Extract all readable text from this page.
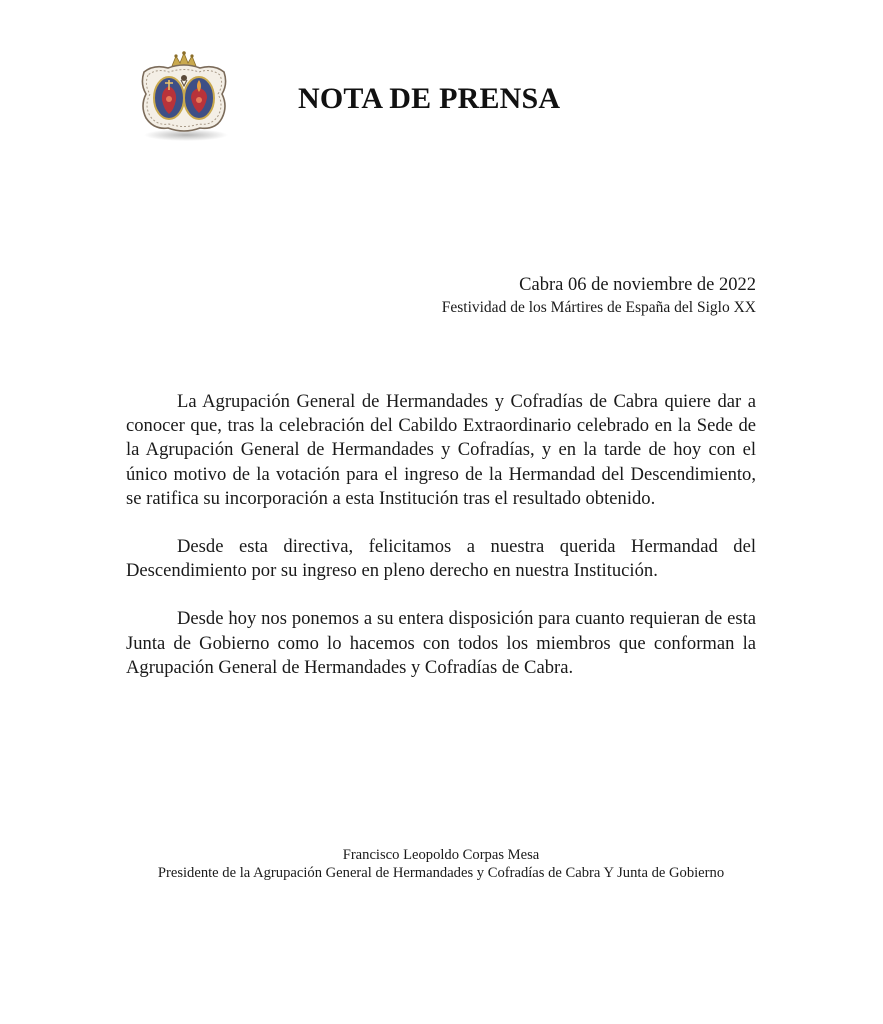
NOTA DE PRENSA
Cabra 06 de noviembre de 2022
Festividad de los Mártires de España del Siglo XX

La Agrupación General de Hermandades y Cofradías de Cabra quiere dar a conocer que, tras la celebración del Cabildo Extraordinario celebrado en la Sede de la Agrupación General de Hermandades y Cofradías, y en la tarde de hoy con el único motivo de la votación para el ingreso de la Hermandad del Descendimiento, se ratifica su incorporación a esta Institución tras el resultado obtenido.

Desde esta directiva, felicitamos a nuestra querida Hermandad del Descendimiento por su ingreso en pleno derecho en nuestra Institución.

Desde hoy nos ponemos a su entera disposición para cuanto requieran de esta Junta de Gobierno como lo hacemos con todos los miembros que conforman la Agrupación General de Hermandades y Cofradías de Cabra.

Francisco Leopoldo Corpas Mesa
Presidente de la Agrupación General de Hermandades y Cofradías de Cabra Y Junta de Gobierno
